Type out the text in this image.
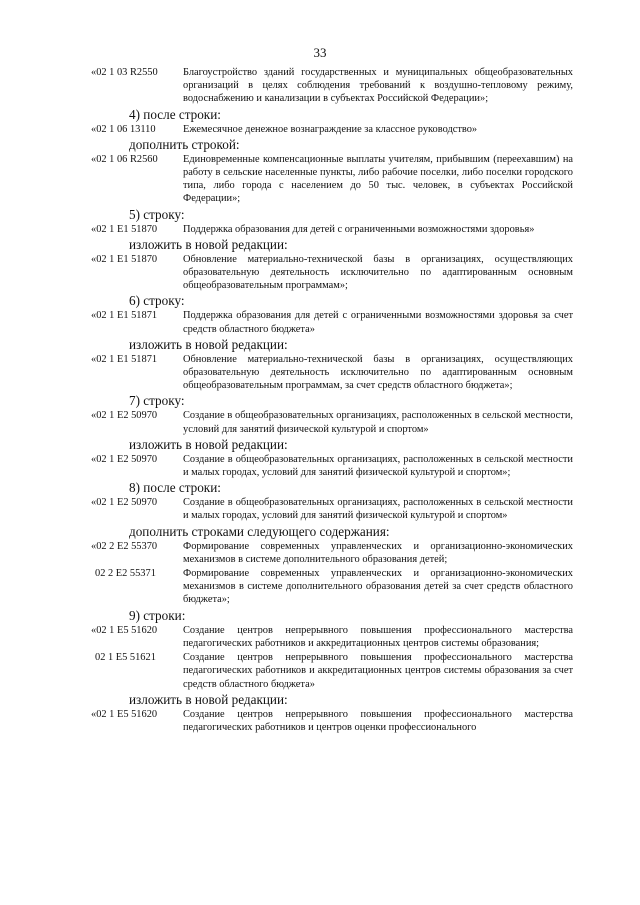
33
«02 1 03 R2550	Благоустройство зданий государственных и муниципальных общеобразовательных организаций в целях соблюдения требований к воздушно-тепловому режиму, водоснабжению и канализации в субъектах Российской Федерации»;
4) после строки:
«02 1 06 13110	Ежемесячное денежное вознаграждение за классное руководство»
дополнить строкой:
«02 1 06 R2560	Единовременные компенсационные выплаты учителям, прибывшим (переехавшим) на работу в сельские населенные пункты, либо рабочие поселки, либо поселки городского типа, либо города с населением до 50 тыс. человек, в субъектах Российской Федерации»;
5) строку:
«02 1 E1 51870	Поддержка образования для детей с ограниченными возможностями здоровья»
изложить в новой редакции:
«02 1 E1 51870	Обновление материально-технической базы в организациях, осуществляющих образовательную деятельность исключительно по адаптированным основным общеобразовательным программам»;
6) строку:
«02 1 E1 51871	Поддержка образования для детей с ограниченными возможностями здоровья за счет средств областного бюджета»
изложить в новой редакции:
«02 1 E1 51871	Обновление материально-технической базы в организациях, осуществляющих образовательную деятельность исключительно по адаптированным основным общеобразовательным программам, за счет средств областного бюджета»;
7) строку:
«02 1 E2 50970	Создание в общеобразовательных организациях, расположенных в сельской местности, условий для занятий физической культурой и спортом»
изложить в новой редакции:
«02 1 E2 50970	Создание в общеобразовательных организациях, расположенных в сельской местности и малых городах, условий для занятий физической культурой и спортом»;
8) после строки:
«02 1 E2 50970	Создание в общеобразовательных организациях, расположенных в сельской местности и малых городах, условий для занятий физической культурой и спортом»
дополнить строками следующего содержания:
«02 2 E2 55370	Формирование современных управленческих и организационно-экономических механизмов в системе дополнительного образования детей;
02 2 E2 55371	Формирование современных управленческих и организационно-экономических механизмов в системе дополнительного образования детей за счет средств областного бюджета»;
9) строки:
«02 1 E5 51620	Создание центров непрерывного повышения профессионального мастерства педагогических работников и аккредитационных центров системы образования;
02 1 E5 51621	Создание центров непрерывного повышения профессионального мастерства педагогических работников и аккредитационных центров системы образования за счет средств областного бюджета»
изложить в новой редакции:
«02 1 E5 51620	Создание центров непрерывного повышения профессионального мастерства педагогических работников и центров оценки профессионального
